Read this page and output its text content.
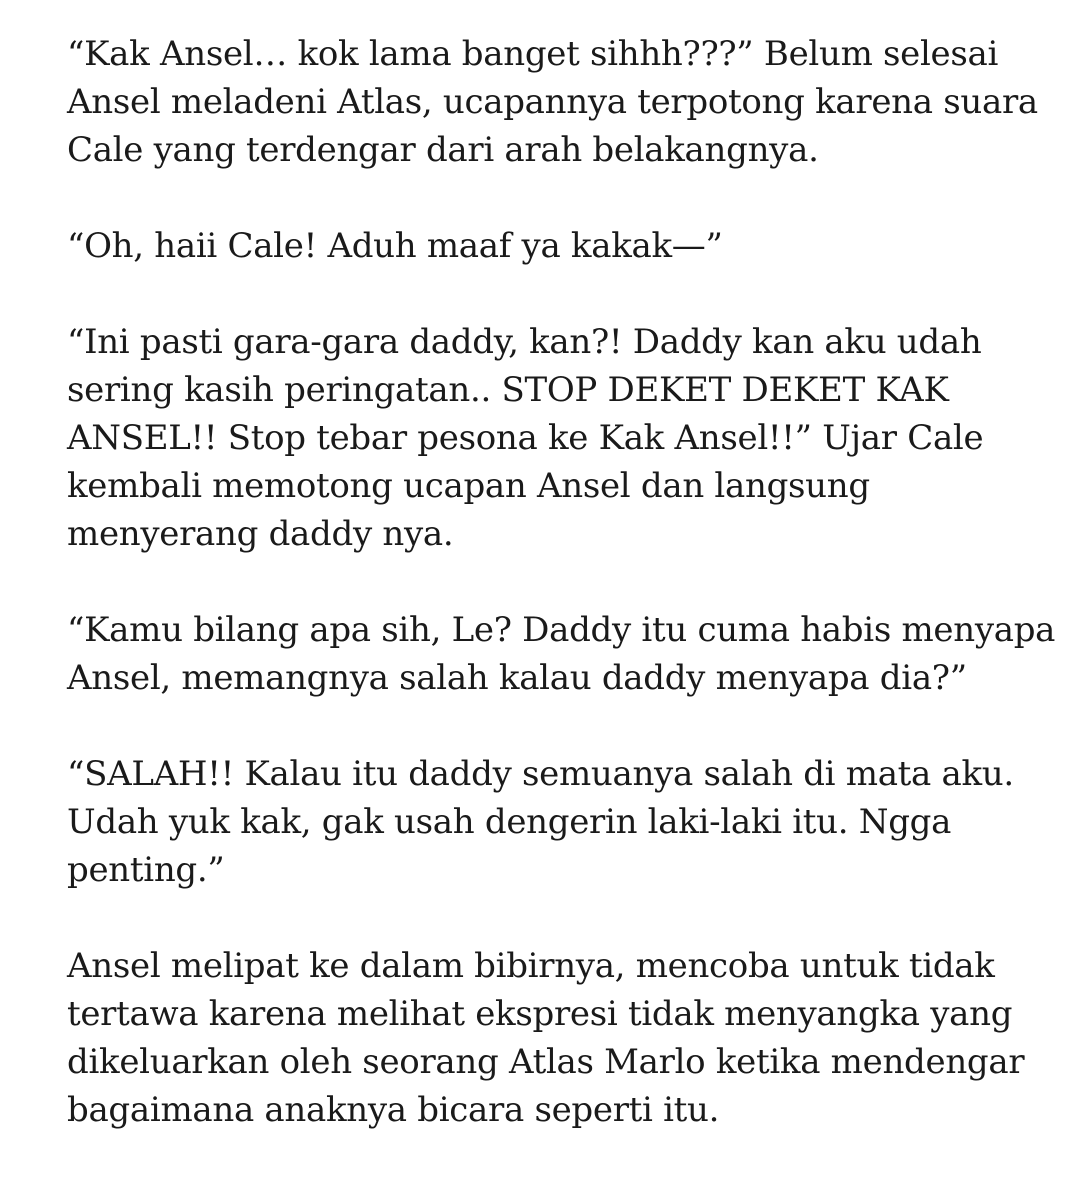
“Kak Ansel… kok lama banget sihhh???” Belum selesai
Ansel meladeni Atlas, ucapannya terpotong karena suara
Cale yang terdengar dari arah belakangnya.

“Oh, haii Cale! Aduh maaf ya kakak—”

“Ini pasti gara-gara daddy, kan?! Daddy kan aku udah
sering kasih peringatan.. STOP DEKET DEKET KAK
ANSEL!! Stop tebar pesona ke Kak Ansel!!” Ujar Cale
kembali memotong ucapan Ansel dan langsung
menyerang daddy nya.

“Kamu bilang apa sih, Le? Daddy itu cuma habis menyapa
Ansel, memangnya salah kalau daddy menyapa dia?”

“SALAH!! Kalau itu daddy semuanya salah di mata aku.
Udah yuk kak, gak usah dengerin laki-laki itu. Ngga
penting.”

Ansel melipat ke dalam bibirnya, mencoba untuk tidak
tertawa karena melihat ekspresi tidak menyangka yang
dikeluarkan oleh seorang Atlas Marlo ketika mendengar
bagaimana anaknya bicara seperti itu.
